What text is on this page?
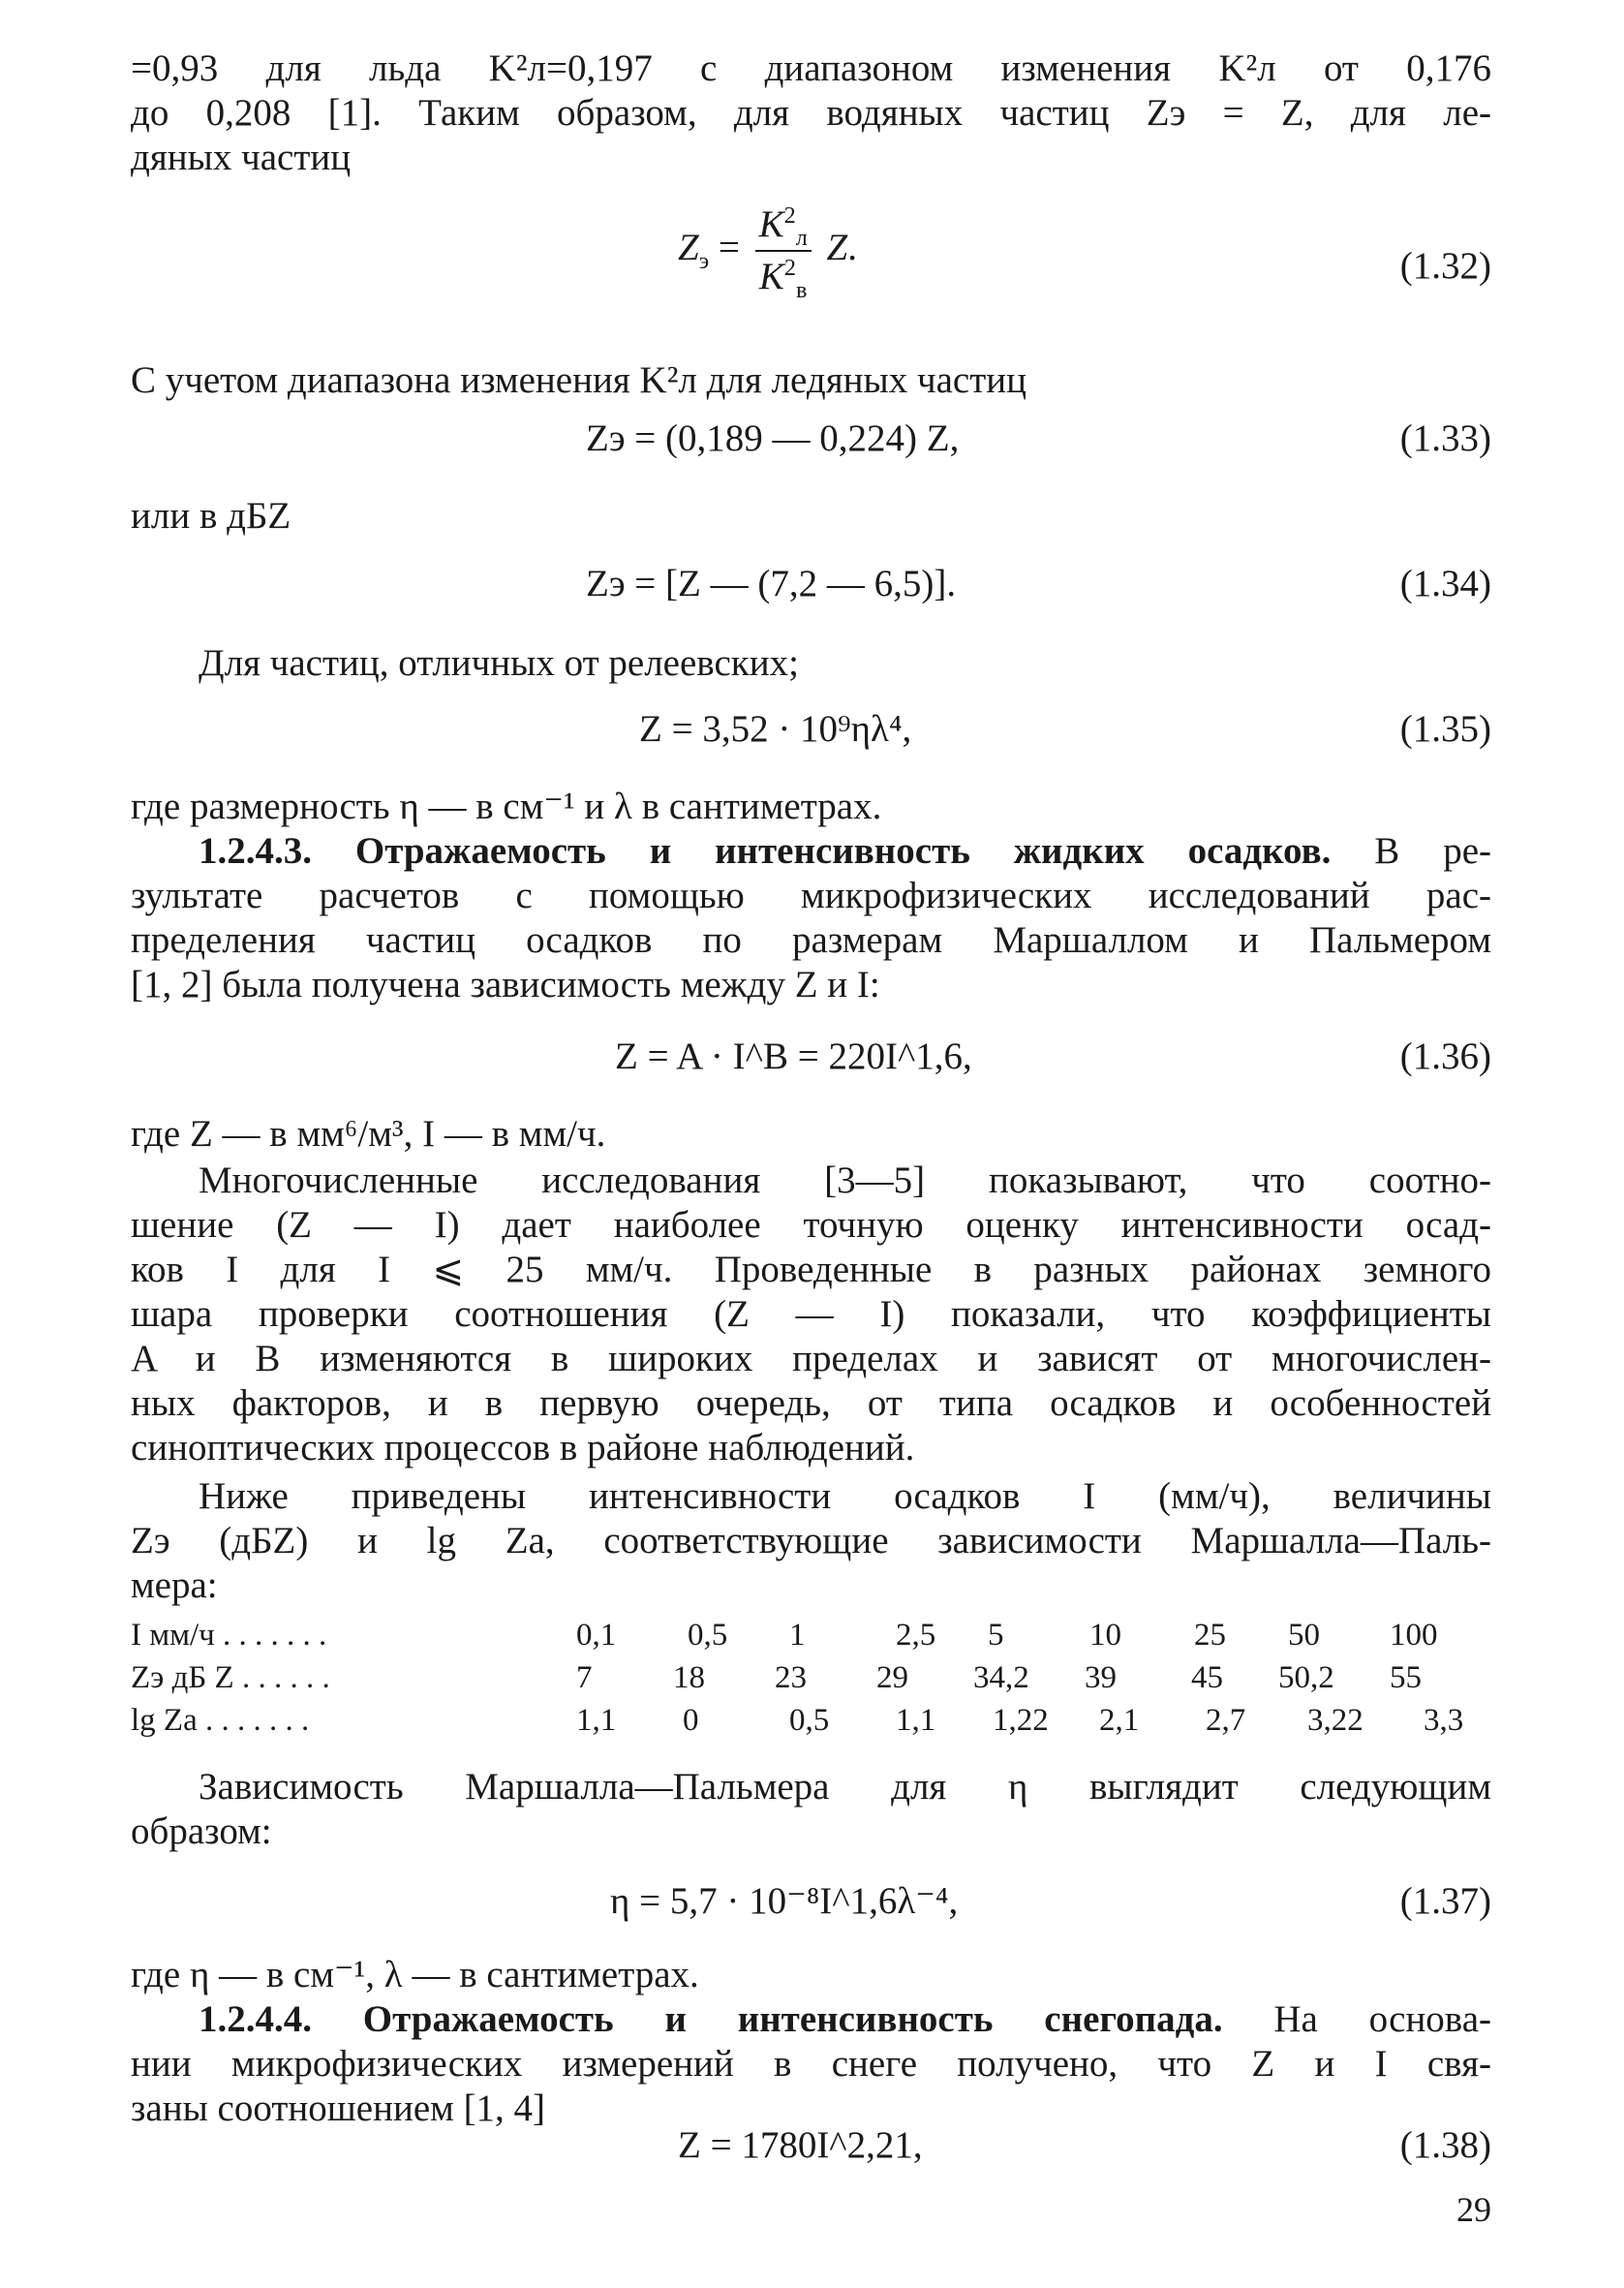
=0,93 для льда K²л=0,197 с диапазоном изменения K²л от 0,176
до 0,208 [1]. Таким образом, для водяных частиц Zэ = Z, для ле-
дяных частиц
$Z_э = \frac{K^2_л}{K^2_в} Z$.	(1.32)
С учетом диапазона изменения K²л для ледяных частиц
Zэ = (0,189 — 0,224) Z,	(1.33)
или в дБZ
Zэ = [Z — (7,2 — 6,5)].	(1.34)
Для частиц, отличных от релеевских;
Z = 3,52 · 10⁹ηλ⁴,	(1.35)
где размерность η — в см⁻¹ и λ в сантиметрах.
1.2.4.3. Отражаемость и интенсивность жидких осадков. В ре-
зультате расчетов с помощью микрофизических исследований рас-
пределения частиц осадков по размерам Маршаллом и Пальмером
[1, 2] была получена зависимость между Z и I:
Z = A · I^B = 220I^1,6,	(1.36)
где Z — в мм⁶/м³, I — в мм/ч.
Многочисленные исследования [3—5] показывают, что соотно-
шение (Z — I) дает наиболее точную оценку интенсивности осад-
ков I для I ⩽ 25 мм/ч. Проведенные в разных районах земного
шара проверки соотношения (Z — I) показали, что коэффициенты
A и B изменяются в широких пределах и зависят от многочислен-
ных факторов, и в первую очередь, от типа осадков и особенностей
синоптических процессов в районе наблюдений.
Ниже приведены интенсивности осадков I (мм/ч), величины
Zэ (дБZ) и lg Za, соответствующие зависимости Маршалла—Паль-
мера:
I мм/ч . . . . . . .	0,1 0,5 1	2,5 5	10 25 50 100
Zэ дБ Z . . . . . .	7	18 23 29 34,2 39 45 50,2 55
lg Za . . . . . . .	1,1 0	0,5 1,1 1,22 2,1 2,7 3,22 3,3
Зависимость Маршалла—Пальмера для η выглядит следующим
образом:
η = 5,7 · 10⁻⁸I^1,6λ⁻⁴,	(1.37)
где η — в см⁻¹, λ — в сантиметрах.
1.2.4.4. Отражаемость и интенсивность снегопада. На основа-
нии микрофизических измерений в снеге получено, что Z и I свя-
заны соотношением [1, 4]
Z = 1780I^2,21,	(1.38)
29
